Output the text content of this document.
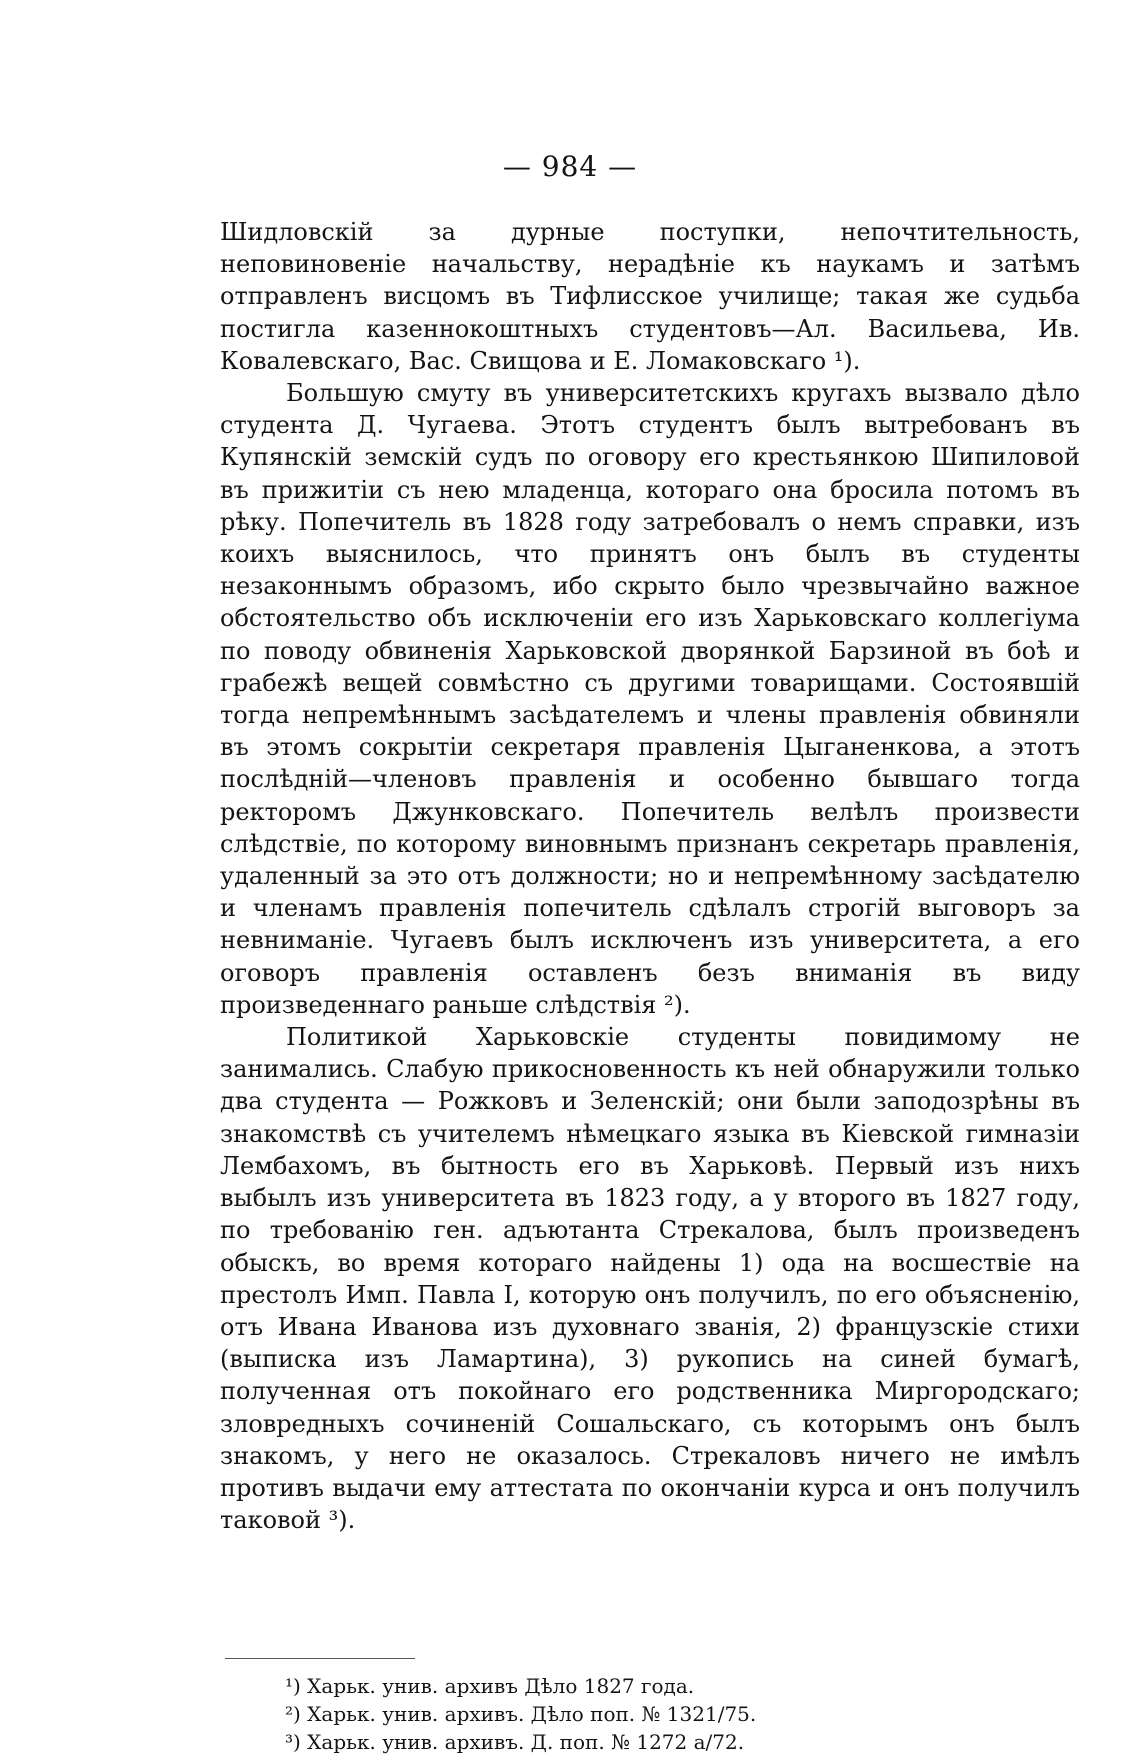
— 984 —

Шидловскій за дурные поступки, непочтительность, неповиновеніе начальству, нерадѣніе къ наукамъ и затѣмъ отправленъ висцомъ въ Тифлисское училище; такая же судьба постигла казеннокоштныхъ студентовъ—Ал. Васильева, Ив. Ковалевскаго, Вас. Свищова и Е. Ломаковскаго ¹).

Большую смуту въ университетскихъ кругахъ вызвало дѣло студента Д. Чугаева. Этотъ студентъ былъ вытребованъ въ Купянскій земскій судъ по оговору его крестьянкою Шипиловой въ прижитіи съ нею младенца, котораго она бросила потомъ въ рѣку. Попечитель въ 1828 году затребовалъ о немъ справки, изъ коихъ выяснилось, что принятъ онъ былъ въ студенты незаконнымъ образомъ, ибо скрыто было чрезвычайно важное обстоятельство объ исключеніи его изъ Харьковскаго коллегіума по поводу обвиненія Харьковской дворянкой Барзиной въ боѣ и грабежѣ вещей совмѣстно съ другими товарищами. Состоявшій тогда непремѣннымъ засѣдателемъ и члены правленія обвиняли въ этомъ сокрытіи секретаря правленія Цыганенкова, а этотъ послѣдній—членовъ правленія и особенно бывшаго тогда ректоромъ Джунковскаго. Попечитель велѣлъ произвести слѣдствіе, по которому виновнымъ признанъ секретарь правленія, удаленный за это отъ должности; но и непремѣнному засѣдателю и членамъ правленія попечитель сдѣлалъ строгій выговоръ за невниманіе. Чугаевъ былъ исключенъ изъ университета, а его оговоръ правленія оставленъ безъ вниманія въ виду произведеннаго раньше слѣдствія ²).

Политикой Харьковскіе студенты повидимому не занимались. Слабую прикосновенность къ ней обнаружили только два студента — Рожковъ и Зеленскій; они были заподозрѣны въ знакомствѣ съ учителемъ нѣмецкаго языка въ Кіевской гимназіи Лембахомъ, въ бытность его въ Харьковѣ. Первый изъ нихъ выбылъ изъ университета въ 1823 году, а у второго въ 1827 году, по требованію ген. адъютанта Стрекалова, былъ произведенъ обыскъ, во время котораго найдены 1) ода на восшествіе на престолъ Имп. Павла I, которую онъ получилъ, по его объясненію, отъ Ивана Иванова изъ духовнаго званія, 2) французскіе стихи (выписка изъ Ламартина), 3) рукопись на синей бумагѣ, полученная отъ покойнаго его родственника Миргородскаго; зловредныхъ сочиненій Сошальскаго, съ которымъ онъ былъ знакомъ, у него не оказалось. Стрекаловъ ничего не имѣлъ противъ выдачи ему аттестата по окончаніи курса и онъ получилъ таковой ³).

¹) Харьк. унив. архивъ Дѣло 1827 года.

²) Харьк. унив. архивъ. Дѣло поп. № 1321/75.

³) Харьк. унив. архивъ. Д. поп. № 1272 а/72.
